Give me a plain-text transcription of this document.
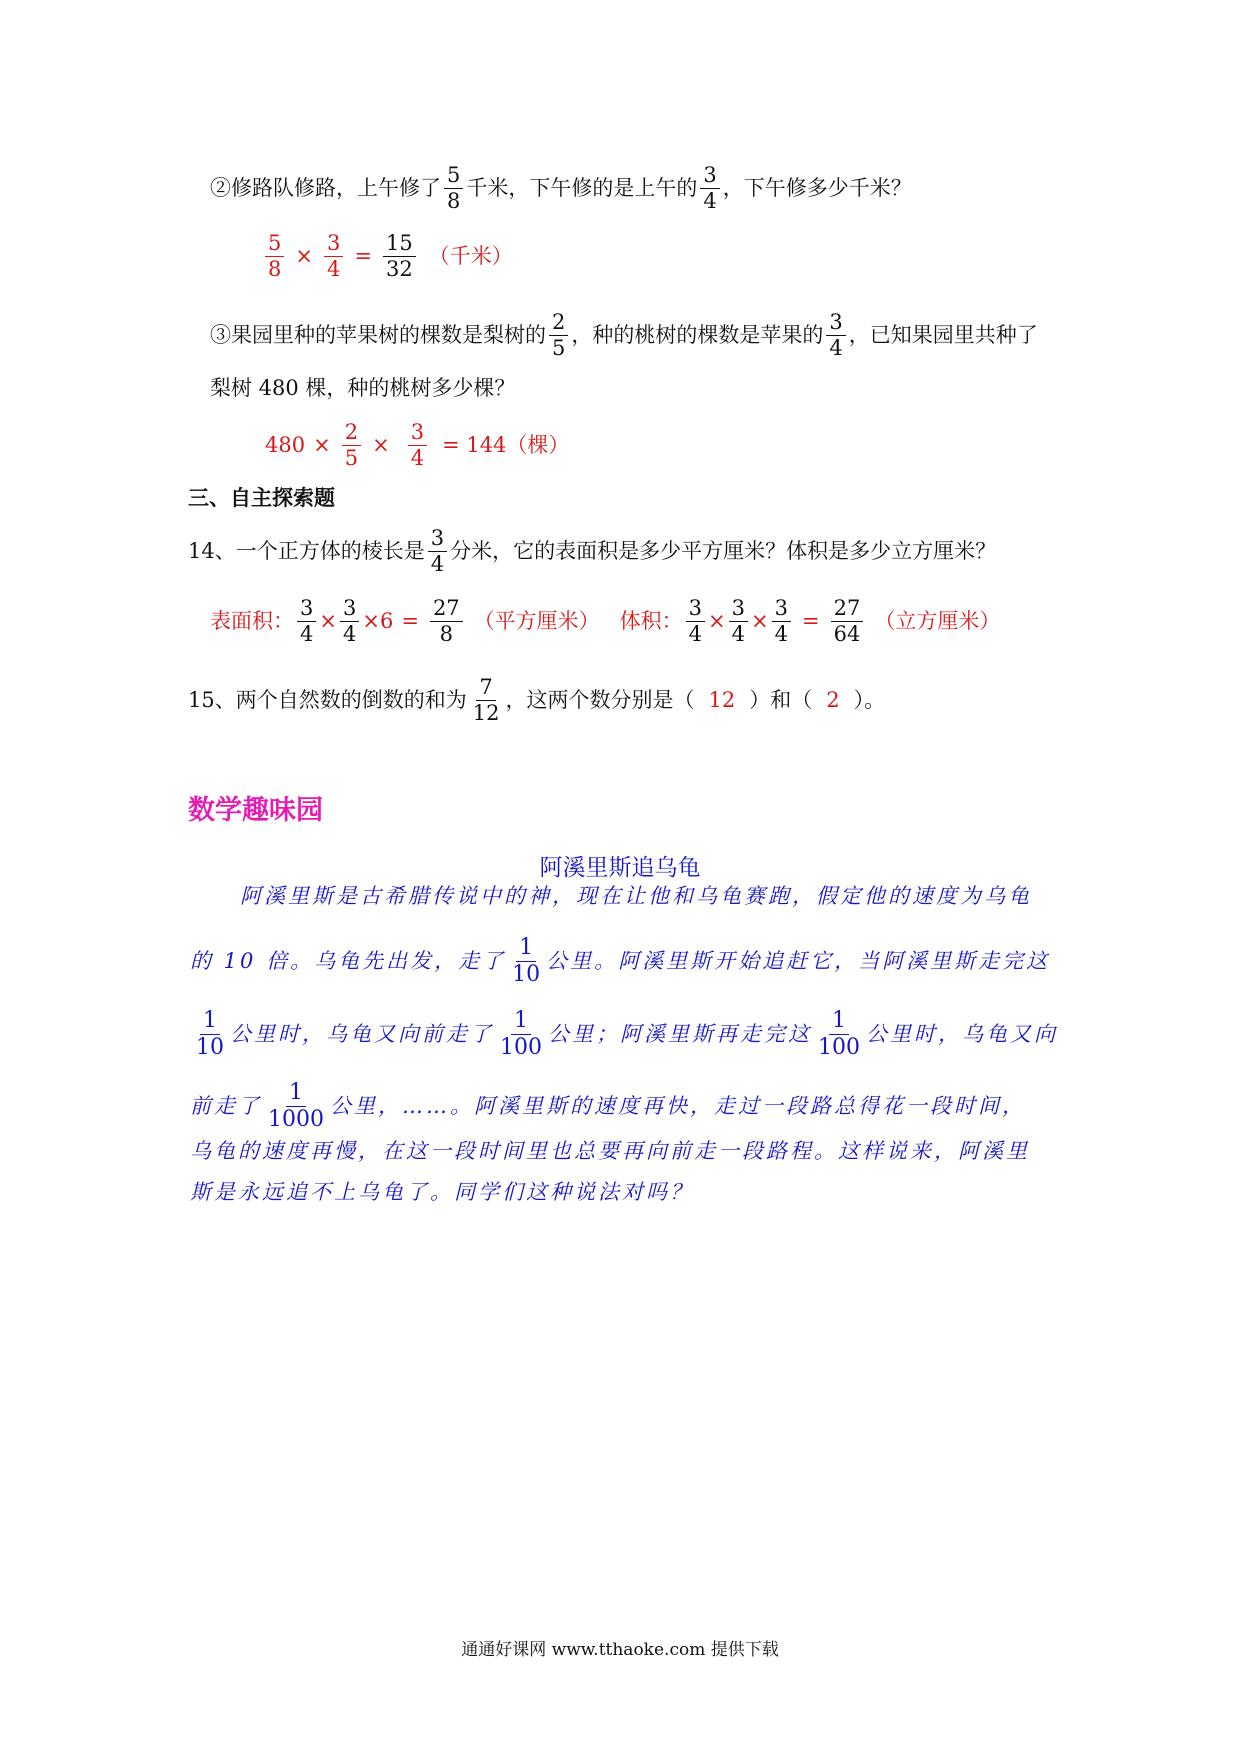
②修路队修路，上午修了 $\frac{5}{8}$ 千米，下午修的是上午的 $\frac{3}{4}$ ，下午修多少千米？
$\frac{5}{8} \times \frac{3}{4} = \frac{15}{32}$ （千米）
③果园里种的苹果树的棵数是梨树的 $\frac{2}{5}$ ，种的桃树的棵数是苹果的 $\frac{3}{4}$ ，已知果园里共种了
梨树 480 棵，种的桃树多少棵？
$480 \times \frac{2}{5} \times \frac{3}{4} = 144$（棵）
三、自主探索题
14、一个正方体的棱长是 $\frac{3}{4}$ 分米，它的表面积是多少平方厘米？体积是多少立方厘米？
表面积： $\frac{3}{4} \times \frac{3}{4} \times 6 = \frac{27}{8}$ （平方厘米） 体积： $\frac{3}{4} \times \frac{3}{4} \times \frac{3}{4} = \frac{27}{64}$ （立方厘米）
15、两个自然数的倒数的和为 $\frac{7}{12}$ ，这两个数分别是（ 12 ）和（ 2 ）。
数学趣味园
阿溪里斯追乌龟
阿溪里斯是古希腊传说中的神，现在让他和乌龟赛跑，假定他的速度为乌龟
的 10 倍。乌龟先出发，走了 $\frac{1}{10}$ 公里。阿溪里斯开始追赶它，当阿溪里斯走完这
$\frac{1}{10}$ 公里时，乌龟又向前走了 $\frac{1}{100}$ 公里；阿溪里斯再走完这 $\frac{1}{100}$ 公里时，乌龟又向
前走了 $\frac{1}{1000}$ 公里，……。阿溪里斯的速度再快，走过一段路总得花一段时间，
乌龟的速度再慢，在这一段时间里也总要再向前走一段路程。这样说来，阿溪里
斯是永远追不上乌龟了。同学们这种说法对吗？
通通好课网 www.tthaoke.com 提供下载
